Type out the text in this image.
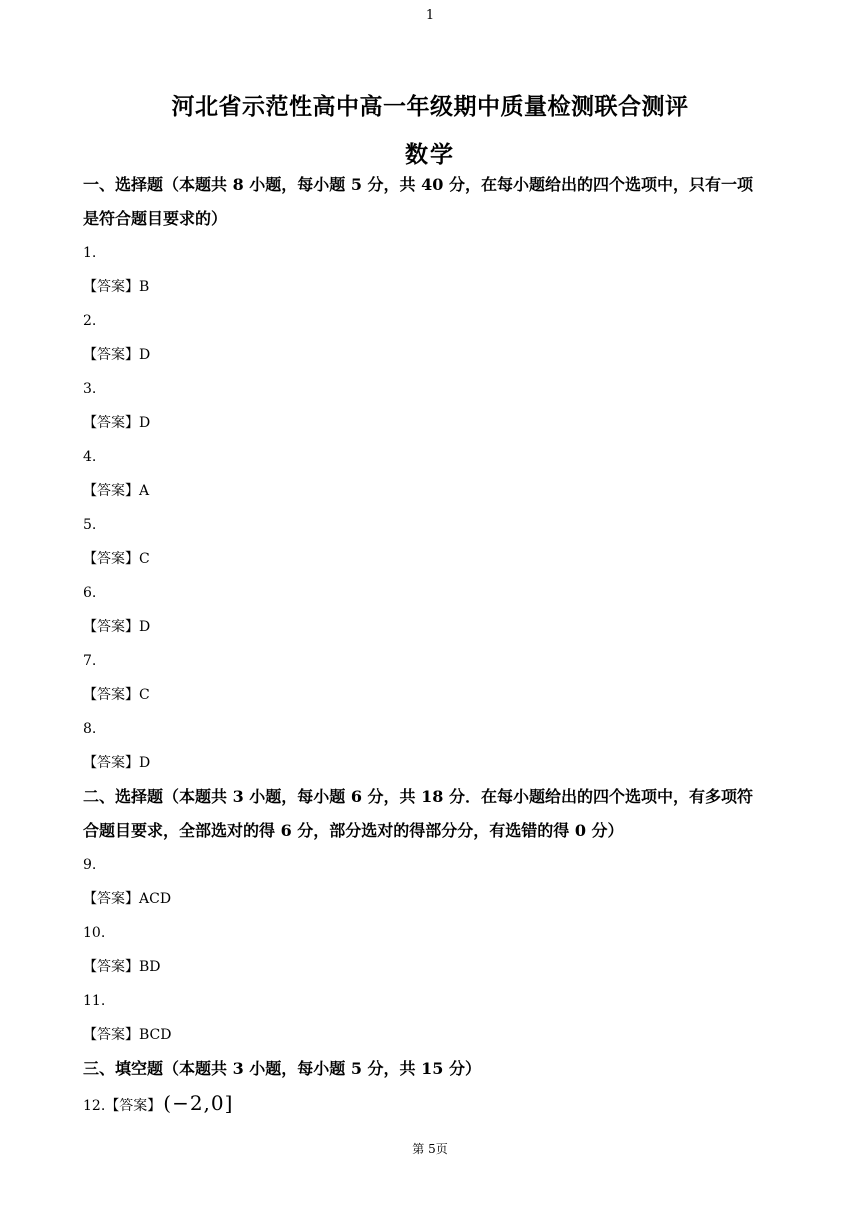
1
河北省示范性高中高一年级期中质量检测联合测评
数学

一、选择题（本题共 8 小题，每小题 5 分，共 40 分，在每小题给出的四个选项中，只有一项

是符合题目要求的）

1.

【答案】B

2.

【答案】D

3.

【答案】D

4.

【答案】A

5.

【答案】C

6.

【答案】D

7.

【答案】C

8.

【答案】D

二、选择题（本题共 3 小题，每小题 6 分，共 18 分．在每小题给出的四个选项中，有多项符

合题目要求，全部选对的得 6 分，部分选对的得部分分，有选错的得 0 分）

9.

【答案】ACD

10.

【答案】BD

11.

【答案】BCD

三、填空题（本题共 3 小题，每小题 5 分，共 15 分）

12.【答案】 (−2,0]

第 5页
